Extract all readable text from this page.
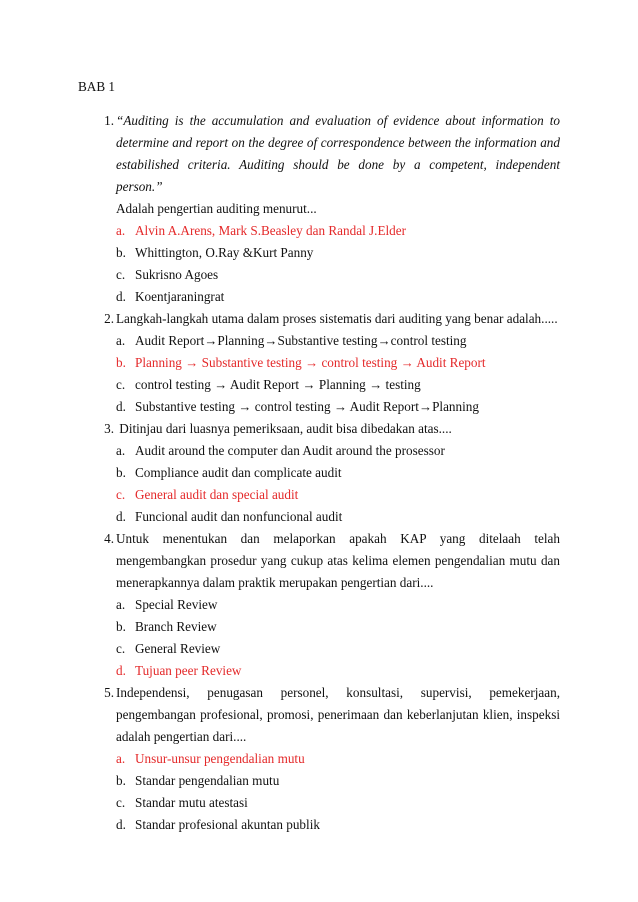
BAB 1
1. “Auditing is the accumulation and evaluation of evidence about information to determine and report on the degree of correspondence between the information and estabilished criteria. Auditing should be done by a competent, independent person.”
Adalah pengertian auditing menurut...
a. Alvin A.Arens, Mark S.Beasley dan Randal J.Elder
b. Whittington, O.Ray &Kurt Panny
c. Sukrisno Agoes
d. Koentjaraningrat
2. Langkah-langkah utama dalam proses sistematis dari auditing yang benar adalah.....
a. Audit Report→Planning→Substantive testing→control testing
b. Planning → Substantive testing → control testing → Audit Report
c. control testing → Audit Report → Planning → testing
d. Substantive testing → control testing → Audit Report→Planning
3. Ditinjau dari luasnya pemeriksaan, audit bisa dibedakan atas....
a. Audit around the computer dan Audit around the prosessor
b. Compliance audit dan complicate audit
c. General audit dan special audit
d. Funcional audit dan nonfuncional audit
4. Untuk menentukan dan melaporkan apakah KAP yang ditelaah telah mengembangkan prosedur yang cukup atas kelima elemen pengendalian mutu dan menerapkannya dalam praktik merupakan pengertian dari....
a. Special Review
b. Branch Review
c. General Review
d. Tujuan peer Review
5. Independensi, penugasan personel, konsultasi, supervisi, pemekerjaan, pengembangan profesional, promosi, penerimaan dan keberlanjutan klien, inspeksi adalah pengertian dari....
a. Unsur-unsur pengendalian mutu
b. Standar pengendalian mutu
c. Standar mutu atestasi
d. Standar profesional akuntan publik
